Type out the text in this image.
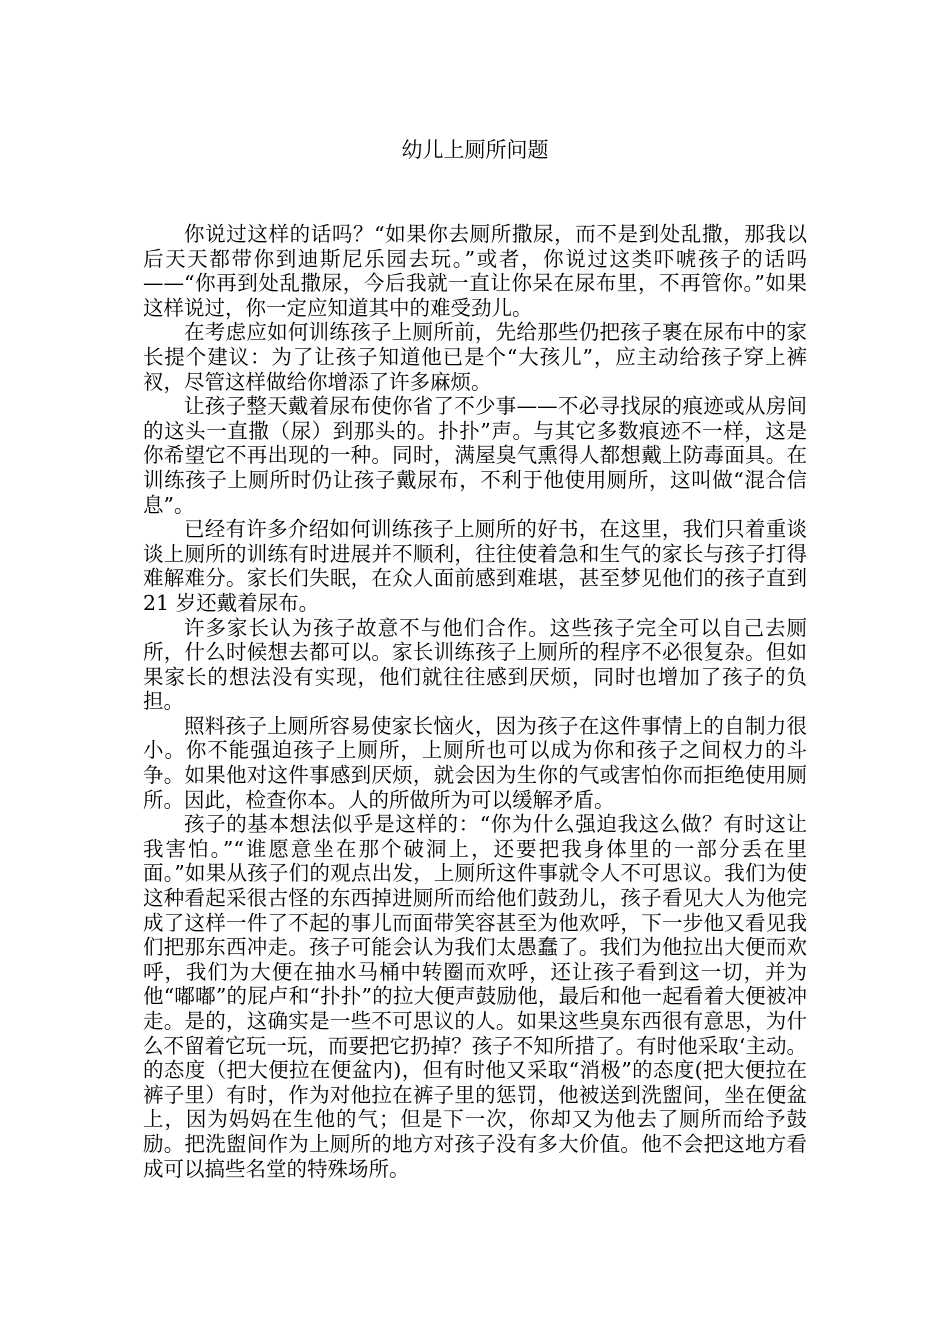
幼儿上厕所问题

你说过这样的话吗？“如果你去厕所撒尿，而不是到处乱撒，那我以后天天都带你到迪斯尼乐园去玩。”或者，你说过这类吓唬孩子的话吗——“你再到处乱撒尿，今后我就一直让你呆在尿布里，不再管你。”如果这样说过，你一定应知道其中的难受劲儿。

在考虑应如何训练孩子上厕所前，先给那些仍把孩子裹在尿布中的家长提个建议：为了让孩子知道他已是个“大孩儿”，应主动给孩子穿上裤衩，尽管这样做给你增添了许多麻烦。

让孩子整天戴着尿布使你省了不少事——不必寻找尿的痕迹或从房间的这头一直撒（尿）到那头的。扑扑”声。与其它多数痕迹不一样，这是你希望它不再出现的一种。同时，满屋臭气熏得人都想戴上防毒面具。在训练孩子上厕所时仍让孩子戴尿布，不利于他使用厕所，这叫做“混合信息”。

已经有许多介绍如何训练孩子上厕所的好书，在这里，我们只着重谈谈上厕所的训练有时进展并不顺利，往往使着急和生气的家长与孩子打得难解难分。家长们失眠，在众人面前感到难堪，甚至梦见他们的孩子直到 21 岁还戴着尿布。

许多家长认为孩子故意不与他们合作。这些孩子完全可以自己去厕所，什么时候想去都可以。家长训练孩子上厕所的程序不必很复杂。但如果家长的想法没有实现，他们就往往感到厌烦，同时也增加了孩子的负担。

照料孩子上厕所容易使家长恼火，因为孩子在这件事情上的自制力很小。你不能强迫孩子上厕所，上厕所也可以成为你和孩子之间权力的斗争。如果他对这件事感到厌烦，就会因为生你的气或害怕你而拒绝使用厕所。因此，检查你本。人的所做所为可以缓解矛盾。

孩子的基本想法似乎是这样的：“你为什么强迫我这么做？有时这让我害怕。”“谁愿意坐在那个破洞上，还要把我身体里的一部分丢在里面。”如果从孩子们的观点出发，上厕所这件事就令人不可思议。我们为使这种看起采很古怪的东西掉进厕所而给他们鼓劲儿，孩子看见大人为他完成了这样一件了不起的事儿而面带笑容甚至为他欢呼，下一步他又看见我们把那东西冲走。孩子可能会认为我们太愚蠢了。我们为他拉出大便而欢呼，我们为大便在抽水马桶中转圈而欢呼，还让孩子看到这一切，并为他“嘟嘟”的屁卢和“扑扑”的拉大便声鼓励他，最后和他一起看着大便被冲走。是的，这确实是一些不可思议的人。如果这些臭东西很有意思，为什么不留着它玩一玩，而要把它扔掉？孩子不知所措了。有时他采取‘主动。的态度（把大便拉在便盆内)，但有时他又采取“消极”的态度(把大便拉在裤子里）有时，作为对他拉在裤子里的惩罚，他被送到洗盥间，坐在便盆上，因为妈妈在生他的气；但是下一次，你却又为他去了厕所而给予鼓励。把洗盥间作为上厕所的地方对孩子没有多大价值。他不会把这地方看成可以搞些名堂的特殊场所。
